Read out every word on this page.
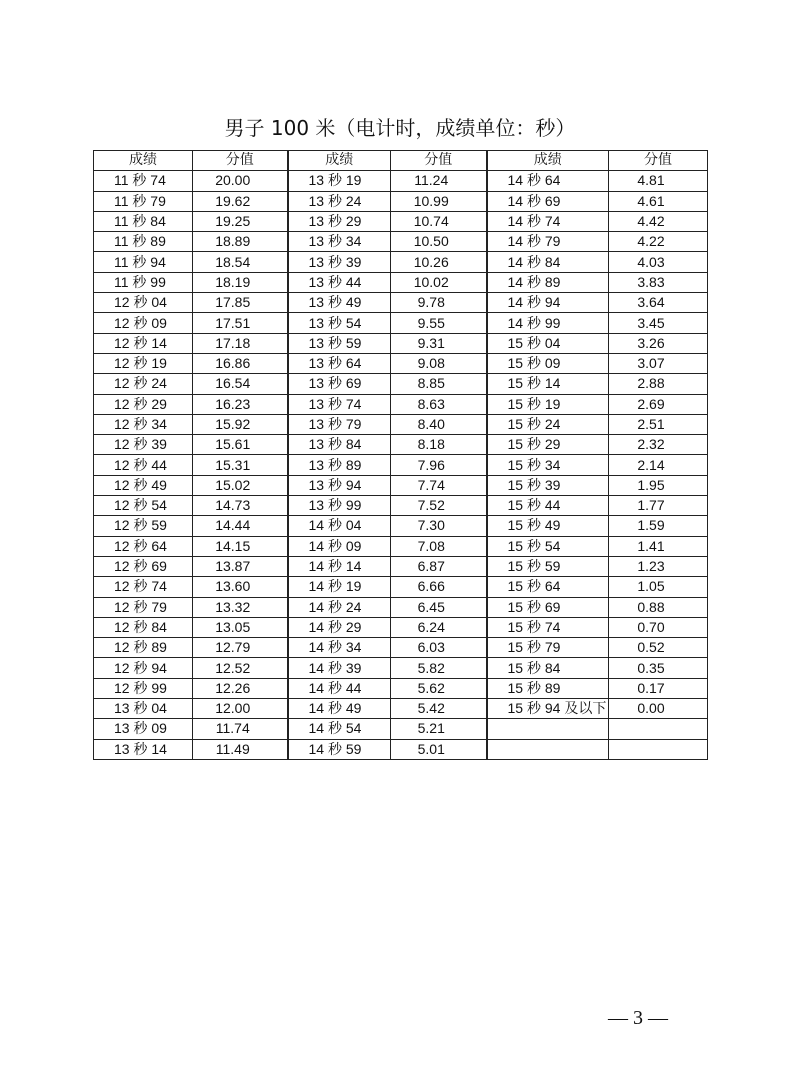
男子 100 米（电计时，成绩单位：秒）
成绩	分值	成绩	分值	成绩	分值
11 秒 74	20.00	13 秒 19	11.24	14 秒 64	4.81
11 秒 79	19.62	13 秒 24	10.99	14 秒 69	4.61
11 秒 84	19.25	13 秒 29	10.74	14 秒 74	4.42
11 秒 89	18.89	13 秒 34	10.50	14 秒 79	4.22
11 秒 94	18.54	13 秒 39	10.26	14 秒 84	4.03
11 秒 99	18.19	13 秒 44	10.02	14 秒 89	3.83
12 秒 04	17.85	13 秒 49	9.78	14 秒 94	3.64
12 秒 09	17.51	13 秒 54	9.55	14 秒 99	3.45
12 秒 14	17.18	13 秒 59	9.31	15 秒 04	3.26
12 秒 19	16.86	13 秒 64	9.08	15 秒 09	3.07
12 秒 24	16.54	13 秒 69	8.85	15 秒 14	2.88
12 秒 29	16.23	13 秒 74	8.63	15 秒 19	2.69
12 秒 34	15.92	13 秒 79	8.40	15 秒 24	2.51
12 秒 39	15.61	13 秒 84	8.18	15 秒 29	2.32
12 秒 44	15.31	13 秒 89	7.96	15 秒 34	2.14
12 秒 49	15.02	13 秒 94	7.74	15 秒 39	1.95
12 秒 54	14.73	13 秒 99	7.52	15 秒 44	1.77
12 秒 59	14.44	14 秒 04	7.30	15 秒 49	1.59
12 秒 64	14.15	14 秒 09	7.08	15 秒 54	1.41
12 秒 69	13.87	14 秒 14	6.87	15 秒 59	1.23
12 秒 74	13.60	14 秒 19	6.66	15 秒 64	1.05
12 秒 79	13.32	14 秒 24	6.45	15 秒 69	0.88
12 秒 84	13.05	14 秒 29	6.24	15 秒 74	0.70
12 秒 89	12.79	14 秒 34	6.03	15 秒 79	0.52
12 秒 94	12.52	14 秒 39	5.82	15 秒 84	0.35
12 秒 99	12.26	14 秒 44	5.62	15 秒 89	0.17
13 秒 04	12.00	14 秒 49	5.42	15 秒 94 及以下	0.00
13 秒 09	11.74	14 秒 54	5.21		
13 秒 14	11.49	14 秒 59	5.01		
— 3 —
